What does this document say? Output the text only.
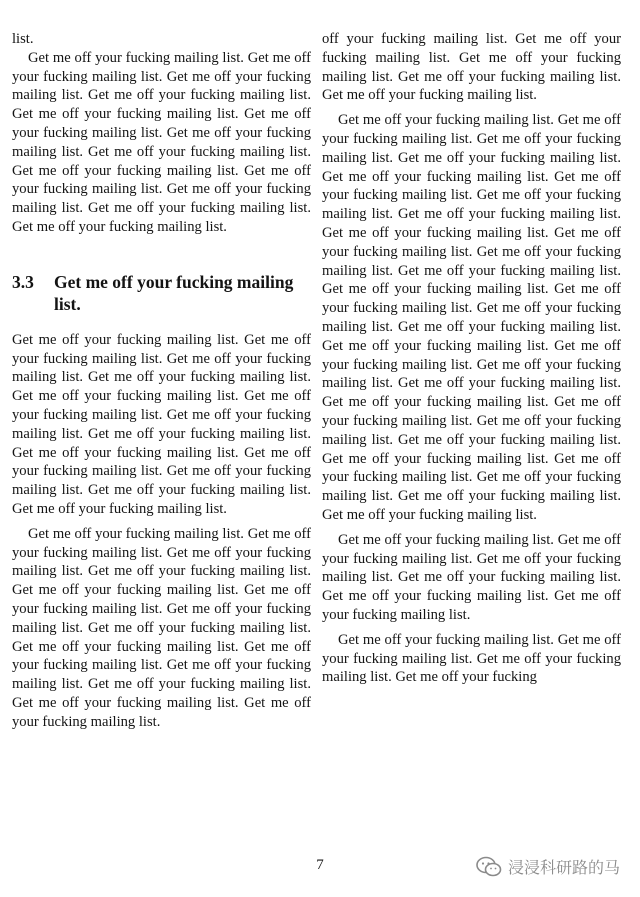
list.

Get me off your fucking mailing list. Get me off your fucking mailing list. Get me off your fucking mailing list. Get me off your fucking mailing list. Get me off your fucking mailing list. Get me off your fucking mailing list. Get me off your fucking mailing list. Get me off your fucking mailing list. Get me off your fucking mailing list. Get me off your fucking mailing list. Get me off your fucking mailing list. Get me off your fucking mailing list. Get me off your fucking mailing list.

3.3	Get me off your fucking mailing list.

Get me off your fucking mailing list. Get me off your fucking mailing list. Get me off your fucking mailing list. Get me off your fucking mailing list. Get me off your fucking mailing list. Get me off your fucking mailing list. Get me off your fucking mailing list. Get me off your fucking mailing list. Get me off your fucking mailing list. Get me off your fucking mailing list. Get me off your fucking mailing list. Get me off your fucking mailing list. Get me off your fucking mailing list.

Get me off your fucking mailing list. Get me off your fucking mailing list. Get me off your fucking mailing list. Get me off your fucking mailing list. Get me off your fucking mailing list. Get me off your fucking mailing list. Get me off your fucking mailing list. Get me off your fucking mailing list. Get me off your fucking mailing list. Get me off your fucking mailing list. Get me off your fucking mailing list. Get me off your fucking mailing list. Get me off your fucking mailing list. Get me off your fucking mailing list.

off your fucking mailing list. Get me off your fucking mailing list. Get me off your fucking mailing list. Get me off your fucking mailing list. Get me off your fucking mailing list.

Get me off your fucking mailing list. Get me off your fucking mailing list. Get me off your fucking mailing list. Get me off your fucking mailing list. Get me off your fucking mailing list. Get me off your fucking mailing list. Get me off your fucking mailing list. Get me off your fucking mailing list. Get me off your fucking mailing list. Get me off your fucking mailing list. Get me off your fucking mailing list. Get me off your fucking mailing list. Get me off your fucking mailing list. Get me off your fucking mailing list. Get me off your fucking mailing list. Get me off your fucking mailing list. Get me off your fucking mailing list. Get me off your fucking mailing list. Get me off your fucking mailing list. Get me off your fucking mailing list. Get me off your fucking mailing list. Get me off your fucking mailing list. Get me off your fucking mailing list. Get me off your fucking mailing list. Get me off your fucking mailing list. Get me off your fucking mailing list. Get me off your fucking mailing list. Get me off your fucking mailing list. Get me off your fucking mailing list.

Get me off your fucking mailing list. Get me off your fucking mailing list. Get me off your fucking mailing list. Get me off your fucking mailing list. Get me off your fucking mailing list. Get me off your fucking mailing list.

Get me off your fucking mailing list. Get me off your fucking mailing list. Get me off your fucking mailing list. Get me off your fucking

7	浸浸科研路的马
